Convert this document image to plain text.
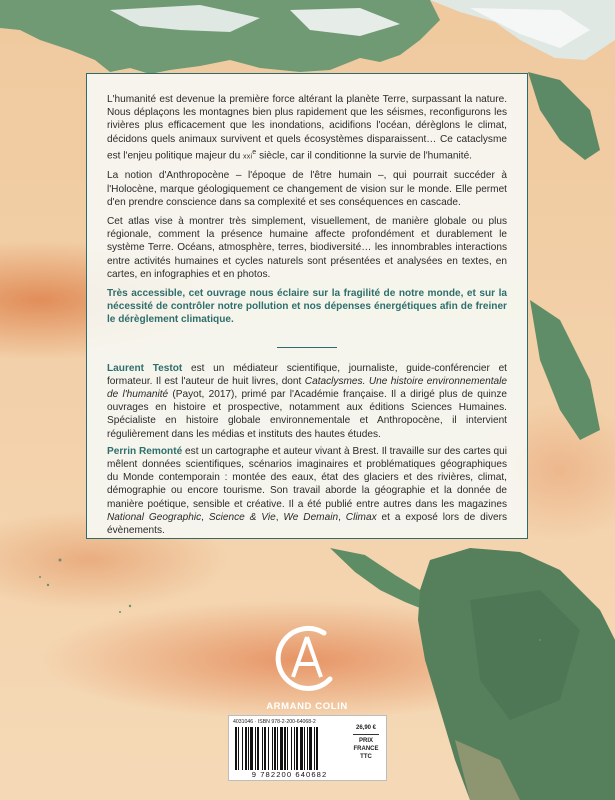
L'humanité est devenue la première force altérant la planète Terre, surpassant la nature. Nous déplaçons les montagnes bien plus rapidement que les séismes, reconfigurons les rivières plus efficacement que les inondations, acidifions l'océan, dérèglons le climat, décidons quels animaux survivent et quels écosystèmes disparaissent… Ce cataclysme est l'enjeu politique majeur du xxi$^e$ siècle, car il conditionne la survie de l'humanité.

La notion d'Anthropocène – l'époque de l'être humain –, qui pourrait succéder à l'Holocène, marque géologiquement ce changement de vision sur le monde. Elle permet d'en prendre conscience dans sa complexité et ses conséquences en cascade.

Cet atlas vise à montrer très simplement, visuellement, de manière globale ou plus régionale, comment la présence humaine affecte profondément et durablement le système Terre. Océans, atmosphère, terres, biodiversité… les innombrables interactions entre activités humaines et cycles naturels sont présentées et analysées en textes, en cartes, en infographies et en photos.

Très accessible, cet ouvrage nous éclaire sur la fragilité de notre monde, et sur la nécessité de contrôler notre pollution et nos dépenses énergétiques afin de freiner le dérèglement climatique.

Laurent Testot est un médiateur scientifique, journaliste, guide-conférencier et formateur. Il est l'auteur de huit livres, dont Cataclysmes. Une histoire environnementale de l'humanité (Payot, 2017), primé par l'Académie française. Il a dirigé plus de quinze ouvrages en histoire et prospective, notamment aux éditions Sciences Humaines. Spécialiste en histoire globale environnementale et Anthropocène, il intervient régulièrement dans les médias et instituts des hautes études.

Perrin Remonté est un cartographe et auteur vivant à Brest. Il travaille sur des cartes qui mêlent données scientifiques, scénarios imaginaires et problématiques géographiques du Monde contemporain : montée des eaux, état des glaciers et des rivières, climat, démographie ou encore tourisme. Son travail aborde la géographie et la donnée de manière poétique, sensible et créative. Il a été publié entre autres dans les magazines National Geographic, Science & Vie, We Demain, Climax et a exposé lors de divers évènements.

ARMAND COLIN
4031046 · ISBN 978-2-200-64068-2
9 782200 640682
26,90 €
PRIX
FRANCE
TTC
